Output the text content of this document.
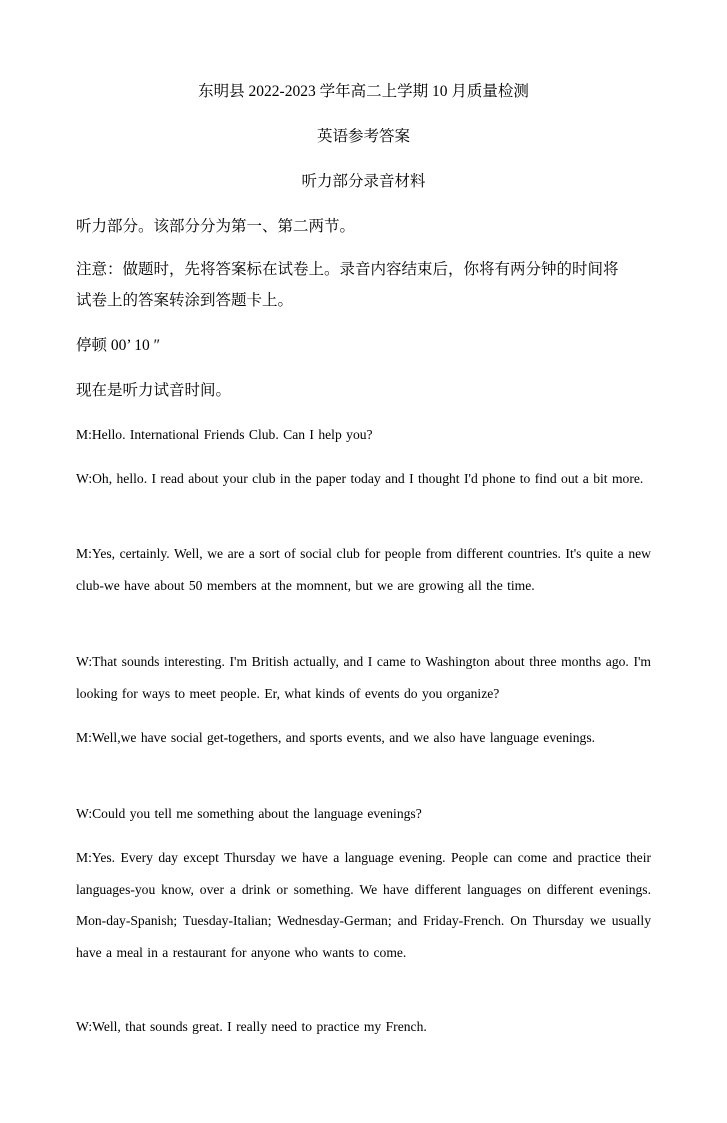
东明县 2022-2023 学年高二上学期 10 月质量检测
英语参考答案
听力部分录音材料
听力部分。该部分分为第一、第二两节。
注意：做题时，先将答案标在试卷上。录音内容结束后，你将有两分钟的时间将
试卷上的答案转涂到答题卡上。
停顿 00’ 10 ″
现在是听力试音时间。
M:Hello. International Friends Club. Can I help you?
W:Oh, hello. I read about your club in the paper today and I thought I'd phone to find out a bit more.
M:Yes, certainly. Well, we are a sort of social club for people from different countries. It's quite a new club-we have about 50 members at the momnent, but we are growing all the time.
W:That sounds interesting. I'm British actually, and I came to Washington about three months ago. I'm looking for ways to meet people. Er, what kinds of events do you organize?
M:Well,we have social get-togethers, and sports events, and we also have language evenings.
W:Could you tell me something about the language evenings?
M:Yes. Every day except Thursday we have a language evening. People can come and practice their languages-you know, over a drink or something. We have different languages on different evenings. Mon-day-Spanish; Tuesday-Italian; Wednesday-German; and Friday-French. On Thursday we usually have a meal in a restaurant for anyone who wants to come.
W:Well, that sounds great. I really need to practice my French.
